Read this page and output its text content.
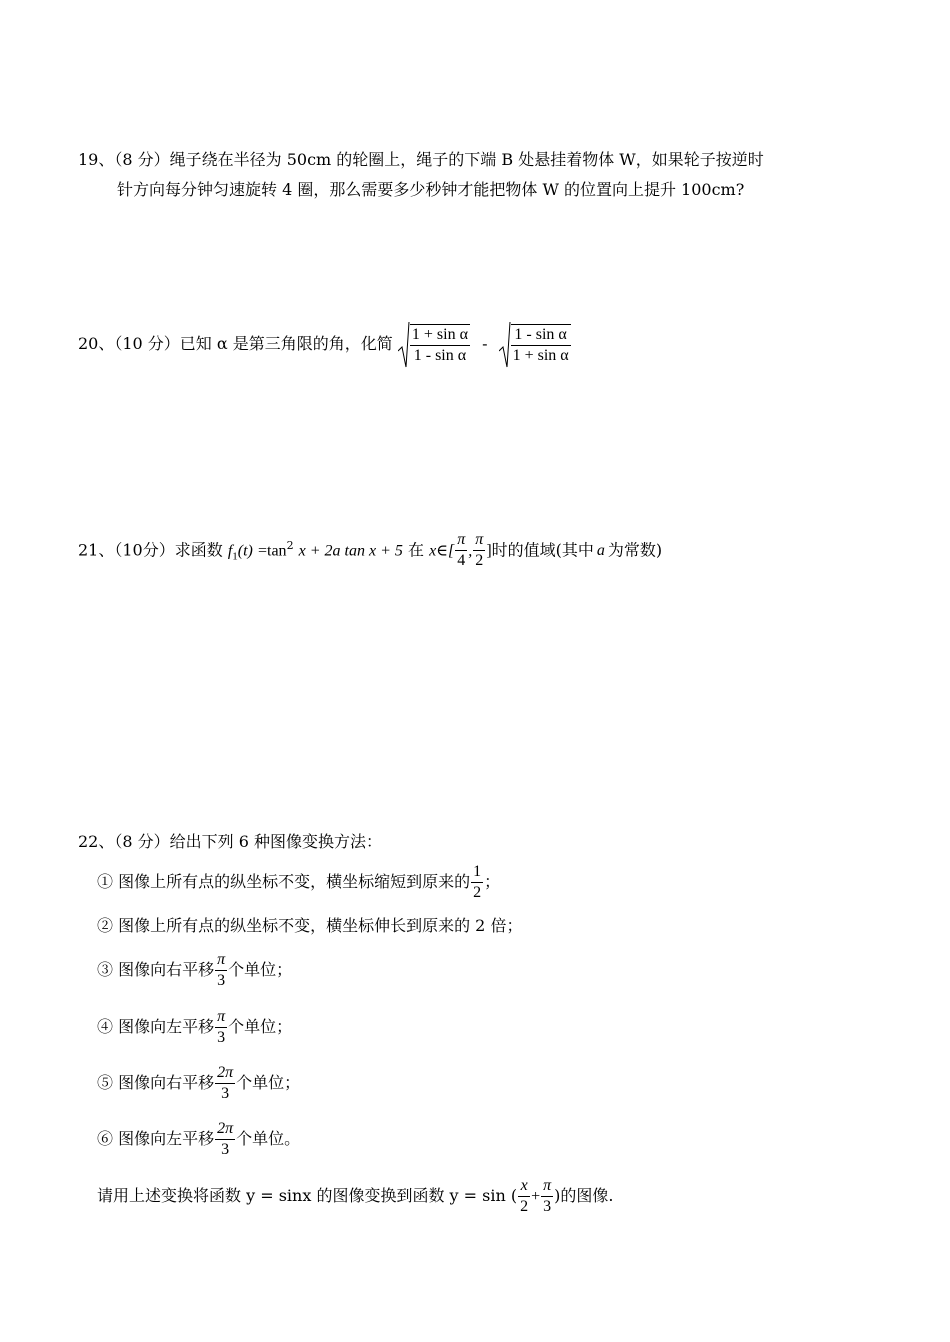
19、（8 分）绳子绕在半径为 50cm 的轮圈上，绳子的下端 B 处悬挂着物体 W，如果轮子按逆时
针方向每分钟匀速旋转 4 圈，那么需要多少秒钟才能把物体 W 的位置向上提升 100cm?
20、（10 分）已知 α 是第三角限的角，化简 $\frac{\text{1 + sin α}}{\text{1 - sin α}} - \frac{\text{1 - sin α}}{\text{1 + sin α}}$
21、（10分）求函数 $f_1(t) =\tan^2$ x + 2a tan x + 5 在 x∈[ $\frac{\pi}{4}$ , $\frac{\pi}{2}$ ]时的值域(其中 a 为常数)
22、（8 分）给出下列 6 种图像变换方法：
① 图像上所有点的纵坐标不变，横坐标缩短到原来的 $\frac{1}{2}$ ；
② 图像上所有点的纵坐标不变，横坐标伸长到原来的 2 倍；
③ 图像向右平移 $\frac{\pi}{3}$ 个单位；
④ 图像向左平移 $\frac{\pi}{3}$ 个单位；
⑤ 图像向右平移 $\frac{2\pi}{3}$ 个单位；
⑥ 图像向左平移 $\frac{2\pi}{3}$ 个单位。
请用上述变换将函数 y = sinx 的图像变换到函数 y = sin ( $\frac{x}{2} + \frac{\pi}{3}$ )的图像.
